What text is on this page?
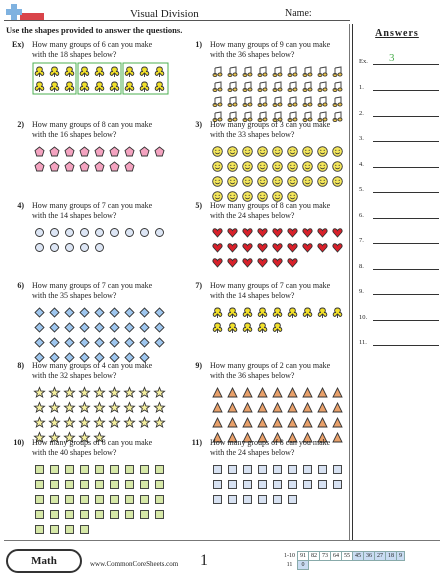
Visual Division	Name:
Use the shapes provided to answer the questions.
Ex) How many groups of 6 can you make
with the 18 shapes below?
1) How many groups of 9 can you make
with the 36 shapes below?
2) How many groups of 8 can you make
with the 16 shapes below?
3) How many groups of 3 can you make
with the 33 shapes below?
4) How many groups of 7 can you make
with the 14 shapes below?
5) How many groups of 8 can you make
with the 24 shapes below?
6) How many groups of 7 can you make
with the 35 shapes below?
7) How many groups of 7 can you make
with the 14 shapes below?
8) How many groups of 4 can you make
with the 32 shapes below?
9) How many groups of 2 can you make
with the 36 shapes below?
10) How many groups of 8 can you make
with the 40 shapes below?
11) How many groups of 8 can you make
with the 24 shapes below?
Answers
Ex. 3
1.
2.
3.
4.
5.
6.
7.
8.
9.
10.
11.
Math	www.CommonCoreSheets.com 1	1-10	91	82	73	64	55	45	36	27	18	9
11	0									
